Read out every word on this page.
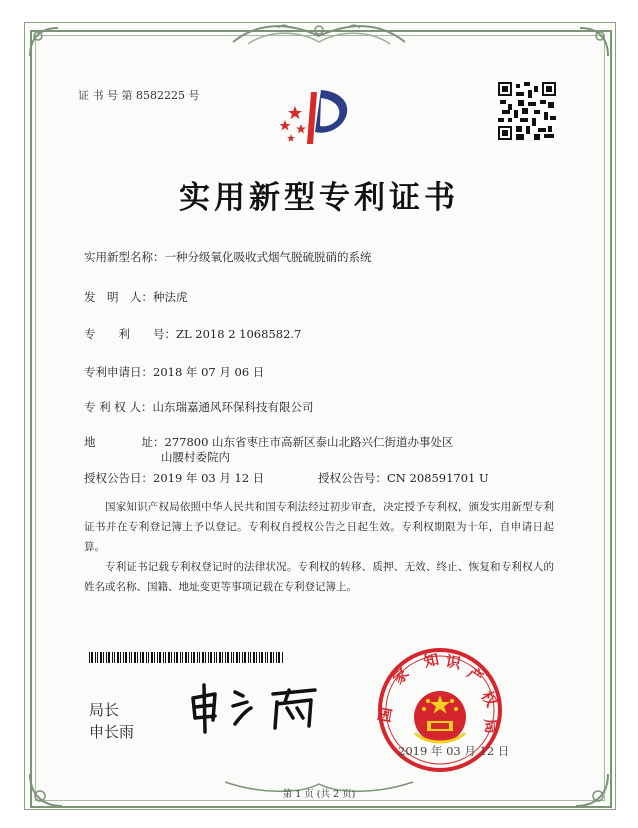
证 书 号 第 8582225 号
实用新型专利证书
实用新型名称：一种分级氧化吸收式烟气脱硫脱硝的系统
发　明　人：种法虎
专　　利　　号：ZL 2018 2 1068582.7
专利申请日：2018 年 07 月 06 日
专 利 权 人：山东瑞嘉通风环保科技有限公司
地　　　　址：277800 山东省枣庄市高新区泰山北路兴仁街道办事处区
山腰村委院内
授权公告日：2019 年 03 月 12 日	授权公告号：CN 208591701 U
国家知识产权局依照中华人民共和国专利法经过初步审查，决定授予专利权，颁发实用新型专利证书并在专利登记簿上予以登记。专利权自授权公告之日起生效。专利权期限为十年，自申请日起算。
专利证书记载专利权登记时的法律状况。专利权的转移、质押、无效、终止、恢复和专利权人的姓名或名称、国籍、地址变更等事项记载在专利登记簿上。
局长
申长雨
国
家
知 识
产
权
局
2019 年 03 月 12 日
第 1 页 (共 2 页)
